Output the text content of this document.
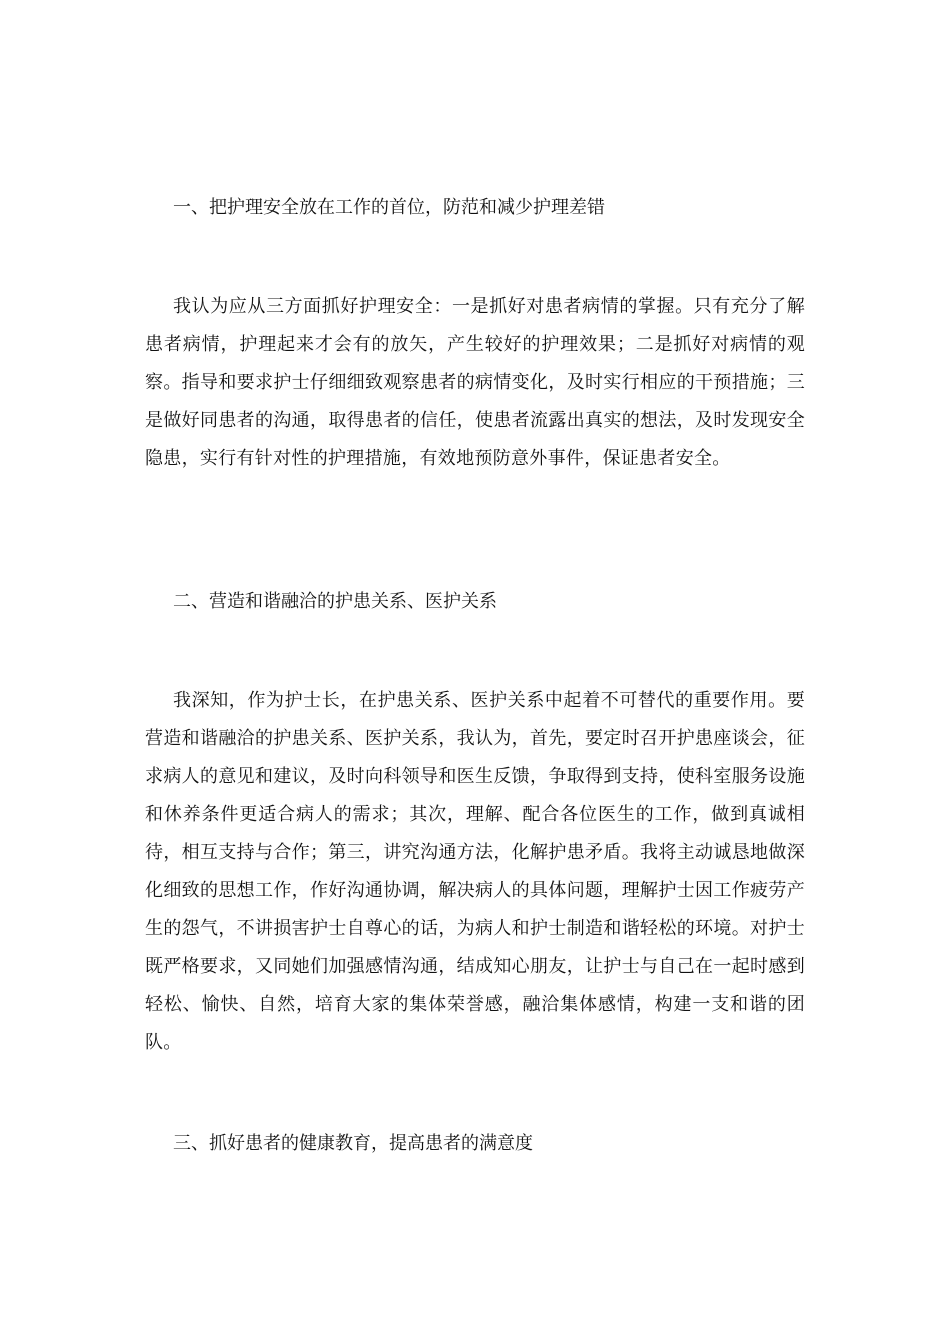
一、把护理安全放在工作的首位，防范和减少护理差错
我认为应从三方面抓好护理安全：一是抓好对患者病情的掌握。只有充分了解患者病情，护理起来才会有的放矢，产生较好的护理效果；二是抓好对病情的观察。指导和要求护士仔细细致观察患者的病情变化，及时实行相应的干预措施；三是做好同患者的沟通，取得患者的信任，使患者流露出真实的想法，及时发现安全隐患，实行有针对性的护理措施，有效地预防意外事件，保证患者安全。
二、营造和谐融洽的护患关系、医护关系
我深知，作为护士长，在护患关系、医护关系中起着不可替代的重要作用。要营造和谐融洽的护患关系、医护关系，我认为，首先，要定时召开护患座谈会，征求病人的意见和建议，及时向科领导和医生反馈，争取得到支持，使科室服务设施和休养条件更适合病人的需求；其次，理解、配合各位医生的工作，做到真诚相待，相互支持与合作；第三，讲究沟通方法，化解护患矛盾。我将主动诚恳地做深化细致的思想工作，作好沟通协调，解决病人的具体问题，理解护士因工作疲劳产生的怨气，不讲损害护士自尊心的话，为病人和护士制造和谐轻松的环境。对护士既严格要求，又同她们加强感情沟通，结成知心朋友，让护士与自己在一起时感到轻松、愉快、自然，培育大家的集体荣誉感，融洽集体感情，构建一支和谐的团队。
三、抓好患者的健康教育，提高患者的满意度
